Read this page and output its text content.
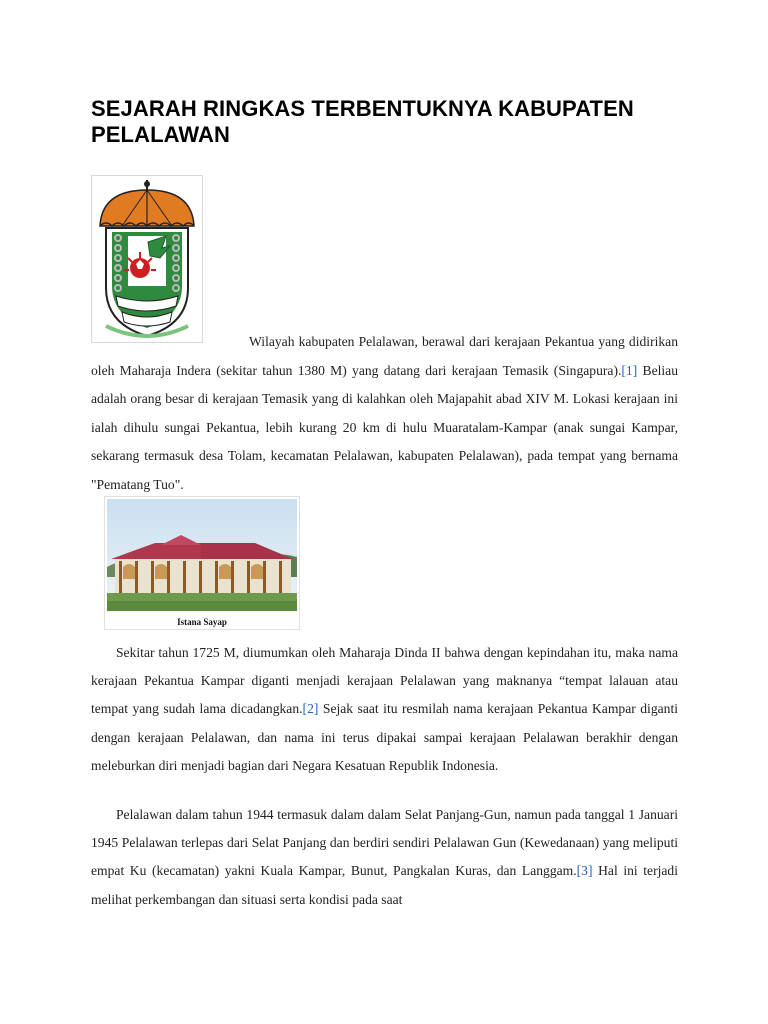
SEJARAH RINGKAS TERBENTUKNYA KABUPATEN PELALAWAN

Wilayah kabupaten Pelalawan, berawal dari kerajaan Pekantua yang didirikan oleh Maharaja Indera (sekitar tahun 1380 M) yang datang dari kerajaan Temasik (Singapura).[1] Beliau adalah orang besar di kerajaan Temasik yang di kalahkan oleh Majapahit abad XIV M. Lokasi kerajaan ini ialah dihulu sungai Pekantua, lebih kurang 20 km di hulu Muaratalam-Kampar (anak sungai Kampar, sekarang termasuk desa Tolam, kecamatan Pelalawan, kabupaten Pelalawan), pada tempat yang bernama "Pematang Tuo".

Istana Sayap

Sekitar tahun 1725 M, diumumkan oleh Maharaja Dinda II bahwa dengan kepindahan itu, maka nama kerajaan Pekantua Kampar diganti menjadi kerajaan Pelalawan yang maknanya “tempat lalauan atau tempat yang sudah lama dicadangkan.[2] Sejak saat itu resmilah nama kerajaan Pekantua Kampar diganti dengan kerajaan Pelalawan, dan nama ini terus dipakai sampai kerajaan Pelalawan berakhir dengan meleburkan diri menjadi bagian dari Negara Kesatuan Republik Indonesia.

Pelalawan dalam tahun 1944 termasuk dalam dalam Selat Panjang-Gun, namun pada tanggal 1 Januari 1945 Pelalawan terlepas dari Selat Panjang dan berdiri sendiri Pelalawan Gun (Kewedanaan) yang meliputi empat Ku (kecamatan) yakni Kuala Kampar, Bunut, Pangkalan Kuras, dan Langgam.[3] Hal ini terjadi melihat perkembangan dan situasi serta kondisi pada saat
